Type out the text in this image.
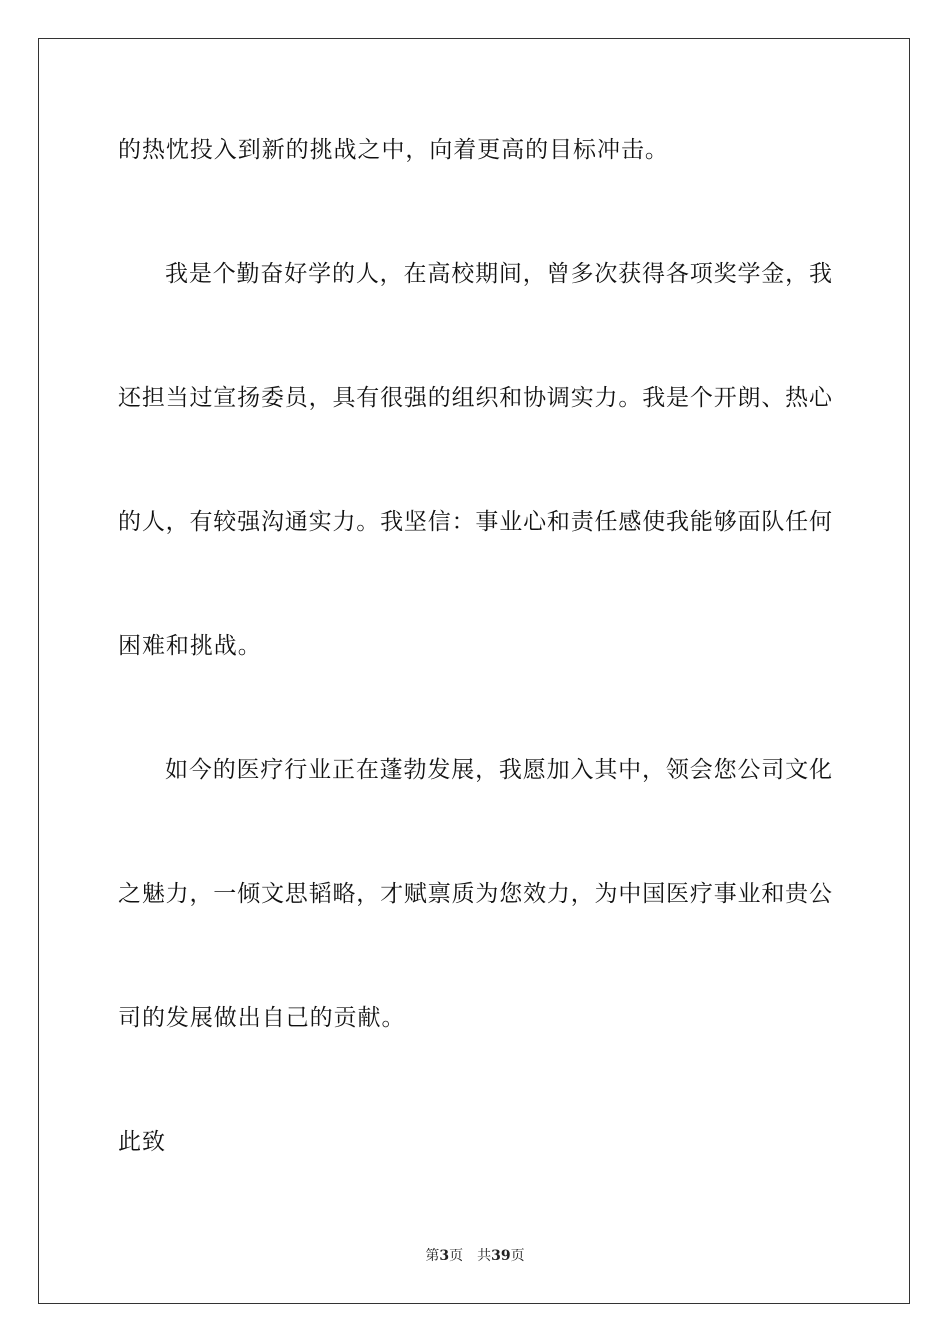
的热忱投入到新的挑战之中，向着更高的目标冲击。
我是个勤奋好学的人，在高校期间，曾多次获得各项奖学金，我
还担当过宣扬委员，具有很强的组织和协调实力。我是个开朗、热心
的人，有较强沟通实力。我坚信：事业心和责任感使我能够面队任何
困难和挑战。
如今的医疗行业正在蓬勃发展，我愿加入其中，领会您公司文化
之魅力，一倾文思韬略，才赋禀质为您效力，为中国医疗事业和贵公
司的发展做出自己的贡献。
此致
第3页 共39页
